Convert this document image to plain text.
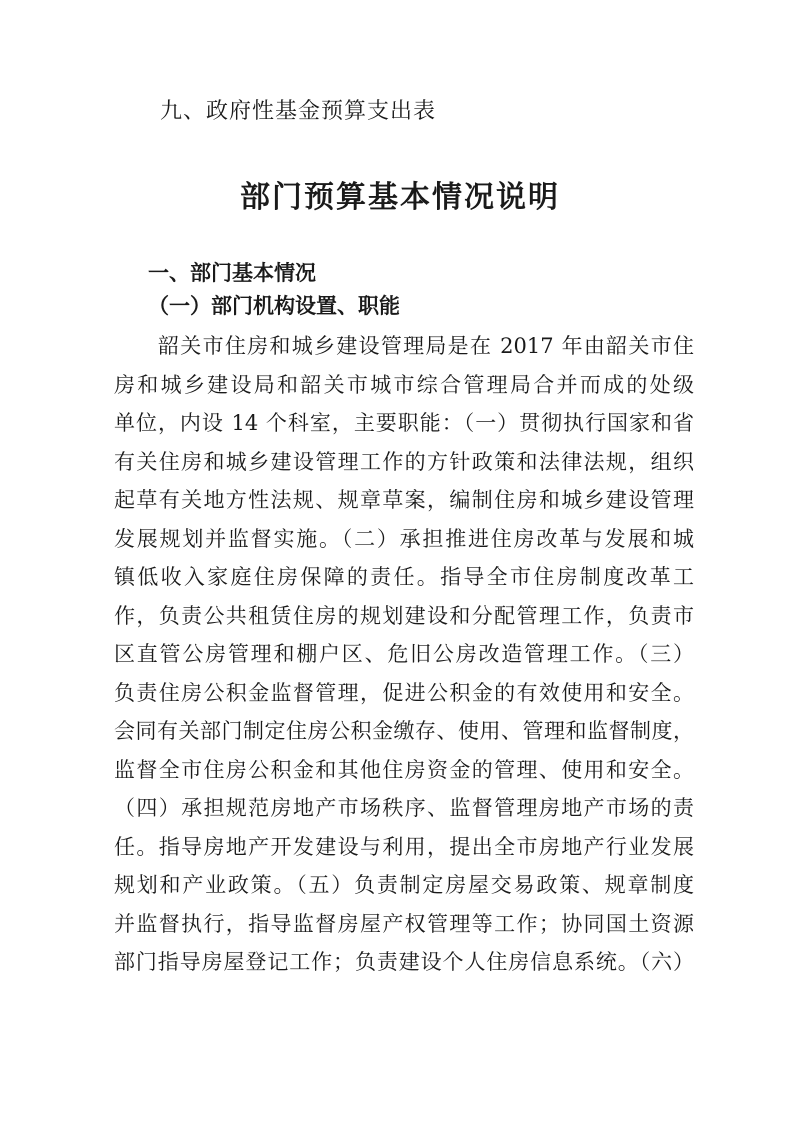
九、政府性基金预算支出表
部门预算基本情况说明
一、部门基本情况
（一）部门机构设置、职能
韶关市住房和城乡建设管理局是在 2017 年由韶关市住
房和城乡建设局和韶关市城市综合管理局合并而成的处级
单位，内设 14 个科室，主要职能：（一）贯彻执行国家和省
有关住房和城乡建设管理工作的方针政策和法律法规，组织
起草有关地方性法规、规章草案，编制住房和城乡建设管理
发展规划并监督实施。（二）承担推进住房改革与发展和城
镇低收入家庭住房保障的责任。指导全市住房制度改革工
作，负责公共租赁住房的规划建设和分配管理工作，负责市
区直管公房管理和棚户区、危旧公房改造管理工作。（三）
负责住房公积金监督管理，促进公积金的有效使用和安全。
会同有关部门制定住房公积金缴存、使用、管理和监督制度，
监督全市住房公积金和其他住房资金的管理、使用和安全。
（四）承担规范房地产市场秩序、监督管理房地产市场的责
任。指导房地产开发建设与利用，提出全市房地产行业发展
规划和产业政策。（五）负责制定房屋交易政策、规章制度
并监督执行，指导监督房屋产权管理等工作；协同国土资源
部门指导房屋登记工作；负责建设个人住房信息系统。（六）
